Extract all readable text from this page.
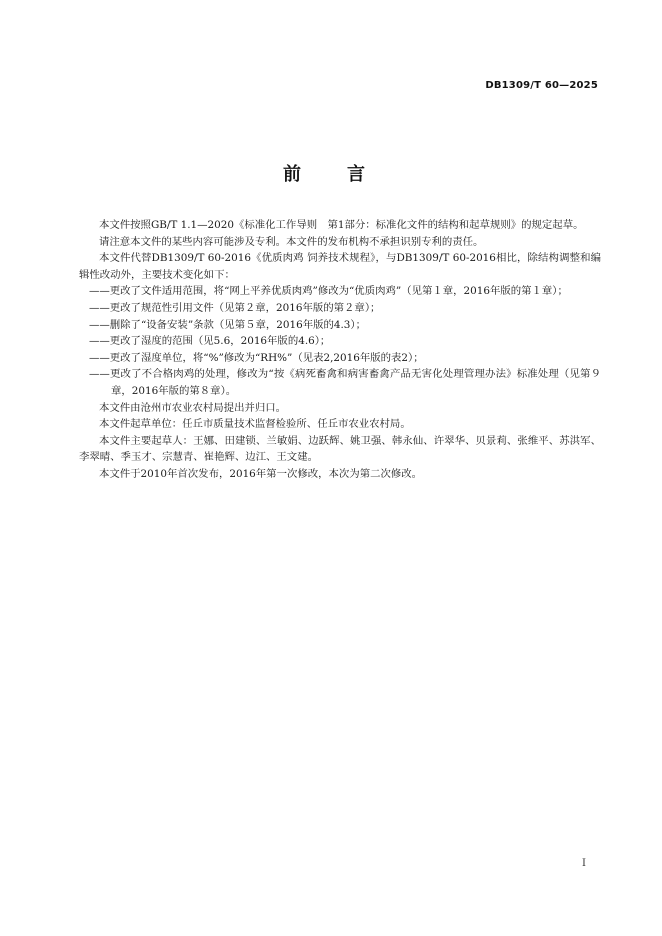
DB1309/T 60—2025
前　言

本文件按照GB/T 1.1—2020《标准化工作导则　第1部分：标准化文件的结构和起草规则》的规定起草。

请注意本文件的某些内容可能涉及专利。本文件的发布机构不承担识别专利的责任。

本文件代替DB1309/T 60-2016《优质肉鸡 饲养技术规程》，与DB1309/T 60-2016相比，除结构调整和编辑性改动外，主要技术变化如下：

——更改了文件适用范围，将“网上平养优质肉鸡”修改为“优质肉鸡”（见第１章，2016年版的第１章）；

——更改了规范性引用文件（见第２章，2016年版的第２章）；

——删除了“设备安装”条款（见第５章，2016年版的4.3）；

——更改了湿度的范围（见5.6，2016年版的4.6）；

——更改了湿度单位，将“%”修改为“RH%”（见表2,2016年版的表2）；

——更改了不合格肉鸡的处理，修改为“按《病死畜禽和病害畜禽产品无害化处理管理办法》标准处理（见第９章，2016年版的第８章）。

本文件由沧州市农业农村局提出并归口。

本文件起草单位：任丘市质量技术监督检验所、任丘市农业农村局。

本文件主要起草人：王娜、田建锁、兰敏娟、边跃辉、姚卫强、韩永仙、许翠华、贝景莉、张维平、苏洪军、李翠晴、季玉才、宗慧青、崔艳辉、边江、王文建。

本文件于2010年首次发布，2016年第一次修改，本次为第二次修改。

I
